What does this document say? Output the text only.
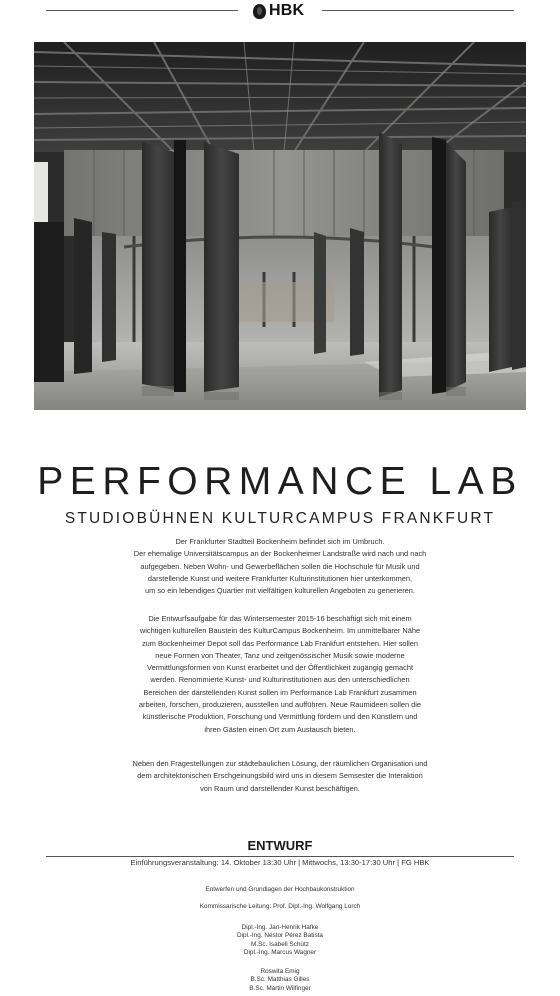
HBK
PERFORMANCE LAB
STUDIOBÜHNEN KULTURCAMPUS FRANKFURT

Der Frankfurter Stadtteil Bockenheim befindet sich im Umbruch.
Der ehemalige Universitätscampus an der Bockenheimer Landstraße wird nach und nach
aufgegeben. Neben Wohn- und Gewerbeflächen sollen die Hochschule für Musik und
darstellende Kunst und weitere Frankfurter Kulturinstitutionen hier unterkommen,
um so ein lebendiges Quartier mit vielfältigen kulturellen Angeboten zu generieren.

Die Entwurfsaufgabe für das Wintersemester 2015-16 beschäftigt sich mit einem
wichtigen kulturellen Baustein des KulturCampus Bockenheim. Im unmittelbarer Nähe
zum Bockenheimer Depot soll das Performance Lab Frankfurt entstehen. Hier sollen
neue Formen von Theater, Tanz und zeitgenössischer Musik sowie moderne
Vermittlungsformen von Kunst erarbeitet und der Öffentlichkeit zugängig gemacht
werden. Renommierte Kunst- und Kulturinstitutionen aus den unterschiedlichen
Bereichen der darstellenden Kunst sollen im Performance Lab Frankfurt zusammen
arbeiten, forschen, produzieren, ausstellen und aufführen. Neue Raumideen sollen die
künstlerische Produktion, Forschung und Vermittlung fördern und den Künstlern und
ihren Gästen einen Ort zum Austausch bieten.

Neben den Fragestellungen zur städtebaulichen Lösung, der räumlichen Organisation und
dem architektonischen Erschgeinungsbild wird uns in diesem Semsester die Interaktion
von Raum und darstellender Kunst beschäftigen.

ENTWURF
Einführungsveranstaltung: 14. Oktober 13:30 Uhr | Mittwochs, 13:30-17:30 Uhr | FG HBK

Entwerfen und Grundlagen der Hochbaukonstruktion

Kommissarische Leitung: Prof. Dipl.-Ing. Wolfgang Lorch

Dipl.-Ing. Jan-Henrik Hafke
Dipl.-Ing. Néstor Pérez Batista
M.Sc. Isabell Schütz
Dipl.-Ing. Marcus Wagner

Roswita Emig
B.Sc. Matthias Gilles
B.Sc. Martin Wilfinger
